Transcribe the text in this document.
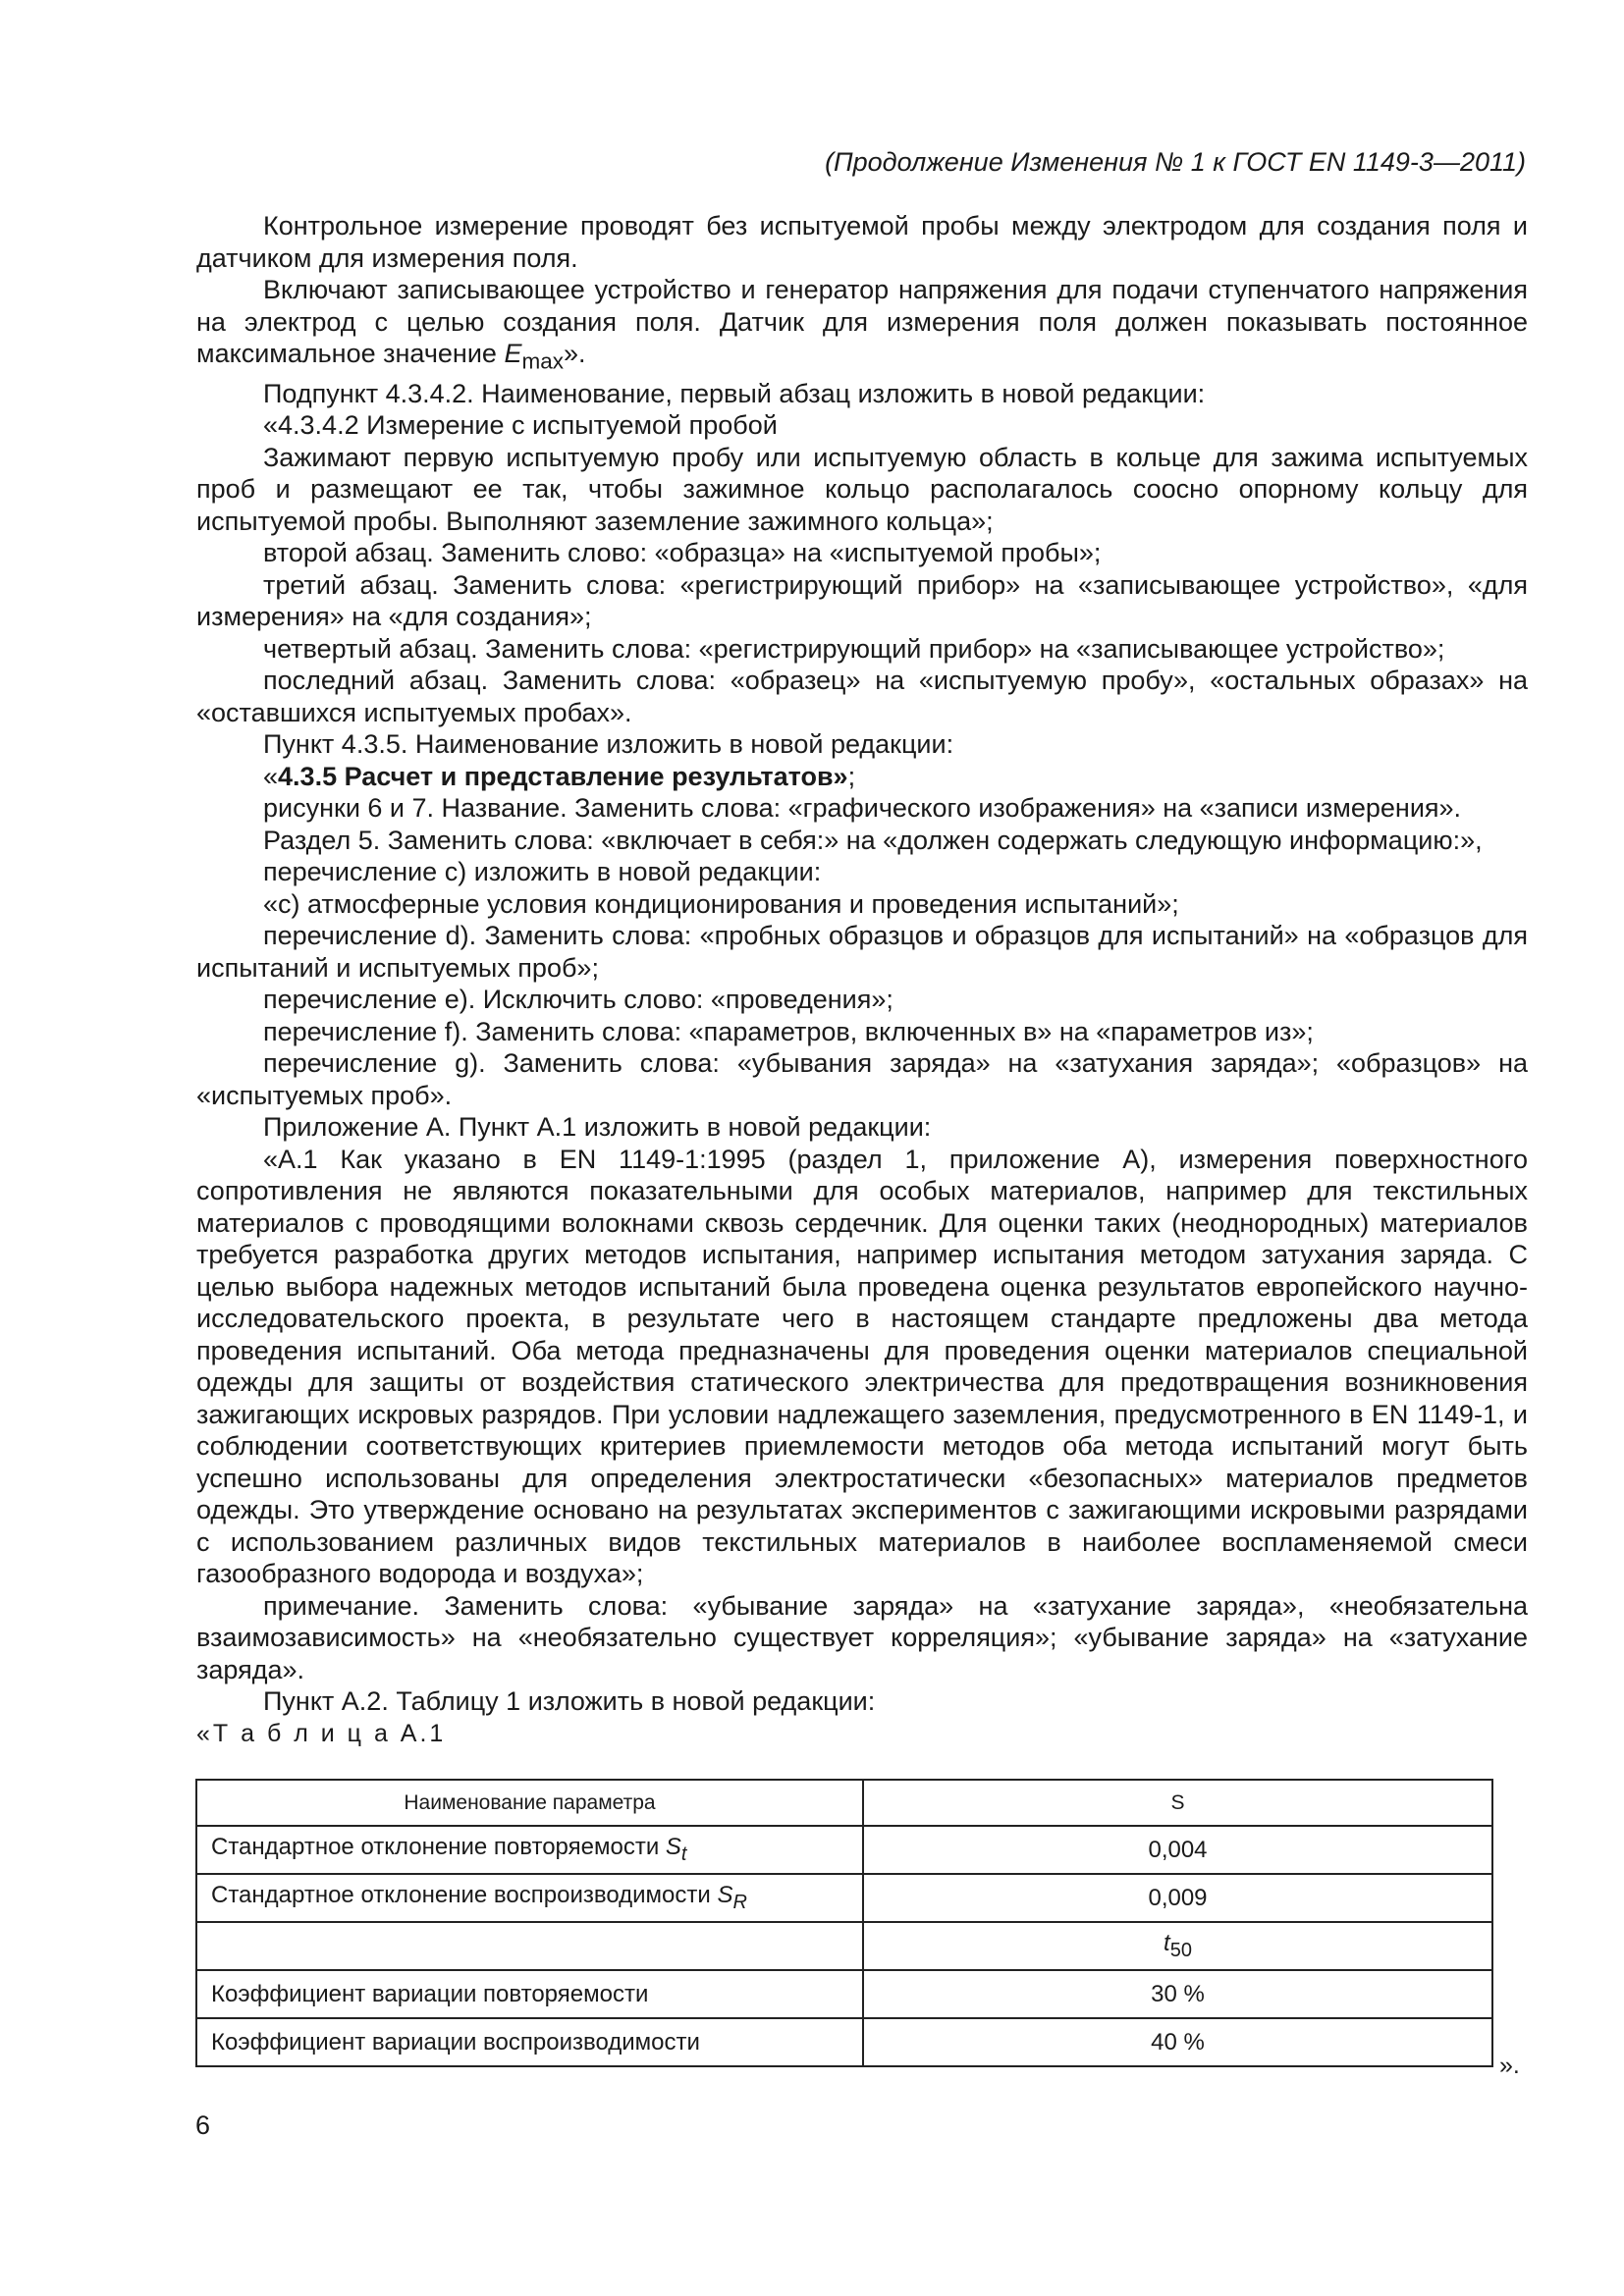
(Продолжение Изменения № 1 к ГОСТ EN 1149-3—2011)

Контрольное измерение проводят без испытуемой пробы между электродом для создания поля и датчиком для измерения поля.

Включают записывающее устройство и генератор напряжения для подачи ступенчатого напряжения на электрод с целью создания поля. Датчик для измерения поля должен показывать постоянное максимальное значение $E_{max}$».

Подпункт 4.3.4.2. Наименование, первый абзац изложить в новой редакции:

«4.3.4.2 Измерение с испытуемой пробой

Зажимают первую испытуемую пробу или испытуемую область в кольце для зажима испытуемых проб и размещают ее так, чтобы зажимное кольцо располагалось соосно опорному кольцу для испытуемой пробы. Выполняют заземление зажимного кольца»;

второй абзац. Заменить слово: «образца» на «испытуемой пробы»;

третий абзац. Заменить слова: «регистрирующий прибор» на «записывающее устройство», «для измерения» на «для создания»;

четвертый абзац. Заменить слова: «регистрирующий прибор» на «записывающее устройство»;

последний абзац. Заменить слова: «образец» на «испытуемую пробу», «остальных образах» на «оставшихся испытуемых пробах».

Пункт 4.3.5. Наименование изложить в новой редакции:

«4.3.5 Расчет и представление результатов»;

рисунки 6 и 7. Название. Заменить слова: «графического изображения» на «записи измерения».

Раздел 5. Заменить слова: «включает в себя:» на «должен содержать следующую информацию:»,

перечисление с) изложить в новой редакции:

«с) атмосферные условия кондиционирования и проведения испытаний»;

перечисление d). Заменить слова: «пробных образцов и образцов для испытаний» на «образцов для испытаний и испытуемых проб»;

перечисление е). Исключить слово: «проведения»;

перечисление f). Заменить слова: «параметров, включенных в» на «параметров из»;

перечисление g). Заменить слова: «убывания заряда» на «затухания заряда»; «образцов» на «испытуемых проб».

Приложение А. Пункт А.1 изложить в новой редакции:

«А.1 Как указано в EN 1149-1:1995 (раздел 1, приложение А), измерения поверхностного сопротивления не являются показательными для особых материалов, например для текстильных материалов с проводящими волокнами сквозь сердечник. Для оценки таких (неоднородных) материалов требуется разработка других методов испытания, например испытания методом затухания заряда. С целью выбора надежных методов испытаний была проведена оценка результатов европейского научно-исследовательского проекта, в результате чего в настоящем стандарте предложены два метода проведения испытаний. Оба метода предназначены для проведения оценки материалов специальной одежды для защиты от воздействия статического электричества для предотвращения возникновения зажигающих искровых разрядов. При условии надлежащего заземления, предусмотренного в EN 1149-1, и соблюдении соответствующих критериев приемлемости методов оба метода испытаний могут быть успешно использованы для определения электростатически «безопасных» материалов предметов одежды. Это утверждение основано на результатах экспериментов с зажигающими искровыми разрядами с использованием различных видов текстильных материалов в наиболее воспламеняемой смеси газообразного водорода и воздуха»;

примечание. Заменить слова: «убывание заряда» на «затухание заряда», «необязательна взаимозависимость» на «необязательно существует корреляция»; «убывание заряда» на «затухание заряда».

Пункт А.2. Таблицу 1 изложить в новой редакции:

«Т а б л и ц а А.1
Наименование параметра	S
Стандартное отклонение повторяемости $S_t$	0,004
Стандартное отклонение воспроизводимости $S_R$	0,009
	$t_{50}$
Коэффициент вариации повторяемости	30 %
Коэффициент вариации воспроизводимости	40 %
».
6
